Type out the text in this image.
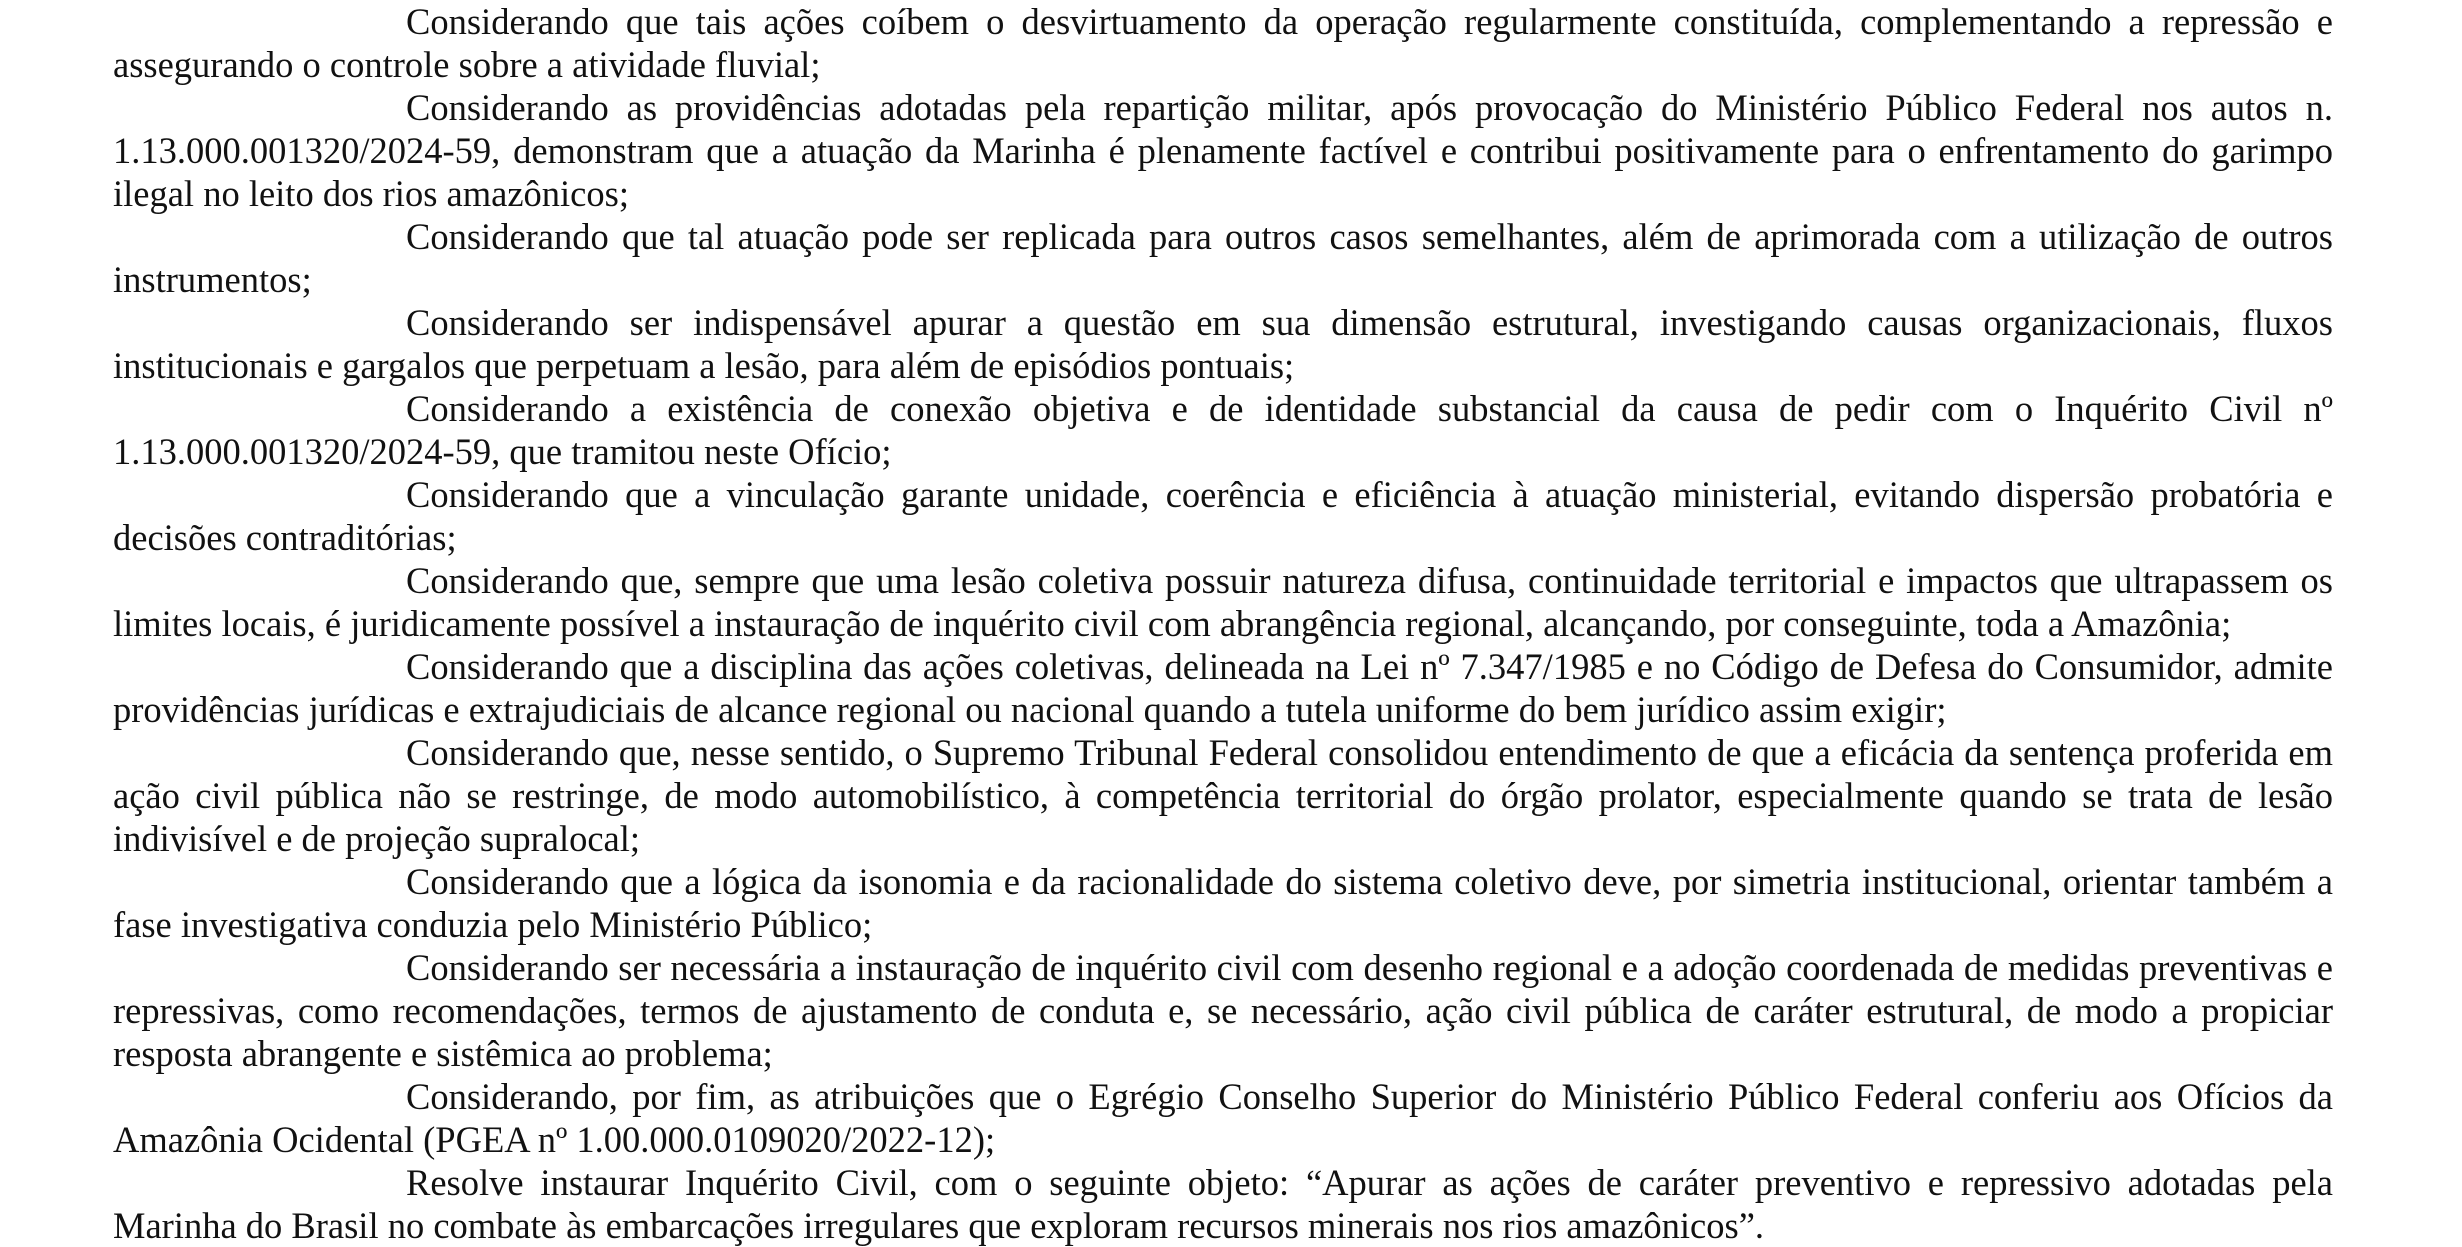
Considerando que tais ações coíbem o desvirtuamento da operação regularmente constituída, complementando a repressão e assegurando o controle sobre a atividade fluvial;

Considerando as providências adotadas pela repartição militar, após provocação do Ministério Público Federal nos autos n. 1.13.000.001320/2024-59, demonstram que a atuação da Marinha é plenamente factível e contribui positivamente para o enfrentamento do garimpo ilegal no leito dos rios amazônicos;

Considerando que tal atuação pode ser replicada para outros casos semelhantes, além de aprimorada com a utilização de outros instrumentos;

Considerando ser indispensável apurar a questão em sua dimensão estrutural, investigando causas organizacionais, fluxos institucionais e gargalos que perpetuam a lesão, para além de episódios pontuais;

Considerando a existência de conexão objetiva e de identidade substancial da causa de pedir com o Inquérito Civil nº 1.13.000.001320/2024-59, que tramitou neste Ofício;

Considerando que a vinculação garante unidade, coerência e eficiência à atuação ministerial, evitando dispersão probatória e decisões contraditórias;

Considerando que, sempre que uma lesão coletiva possuir natureza difusa, continuidade territorial e impactos que ultrapassem os limites locais, é juridicamente possível a instauração de inquérito civil com abrangência regional, alcançando, por conseguinte, toda a Amazônia;

Considerando que a disciplina das ações coletivas, delineada na Lei nº 7.347/1985 e no Código de Defesa do Consumidor, admite providências jurídicas e extrajudiciais de alcance regional ou nacional quando a tutela uniforme do bem jurídico assim exigir;

Considerando que, nesse sentido, o Supremo Tribunal Federal consolidou entendimento de que a eficácia da sentença proferida em ação civil pública não se restringe, de modo automobilístico, à competência territorial do órgão prolator, especialmente quando se trata de lesão indivisível e de projeção supralocal;

Considerando que a lógica da isonomia e da racionalidade do sistema coletivo deve, por simetria institucional, orientar também a fase investigativa conduzia pelo Ministério Público;

Considerando ser necessária a instauração de inquérito civil com desenho regional e a adoção coordenada de medidas preventivas e repressivas, como recomendações, termos de ajustamento de conduta e, se necessário, ação civil pública de caráter estrutural, de modo a propiciar resposta abrangente e sistêmica ao problema;

Considerando, por fim, as atribuições que o Egrégio Conselho Superior do Ministério Público Federal conferiu aos Ofícios da Amazônia Ocidental (PGEA nº 1.00.000.0109020/2022-12);

Resolve instaurar Inquérito Civil, com o seguinte objeto: “Apurar as ações de caráter preventivo e repressivo adotadas pela Marinha do Brasil no combate às embarcações irregulares que exploram recursos minerais nos rios amazônicos”.
